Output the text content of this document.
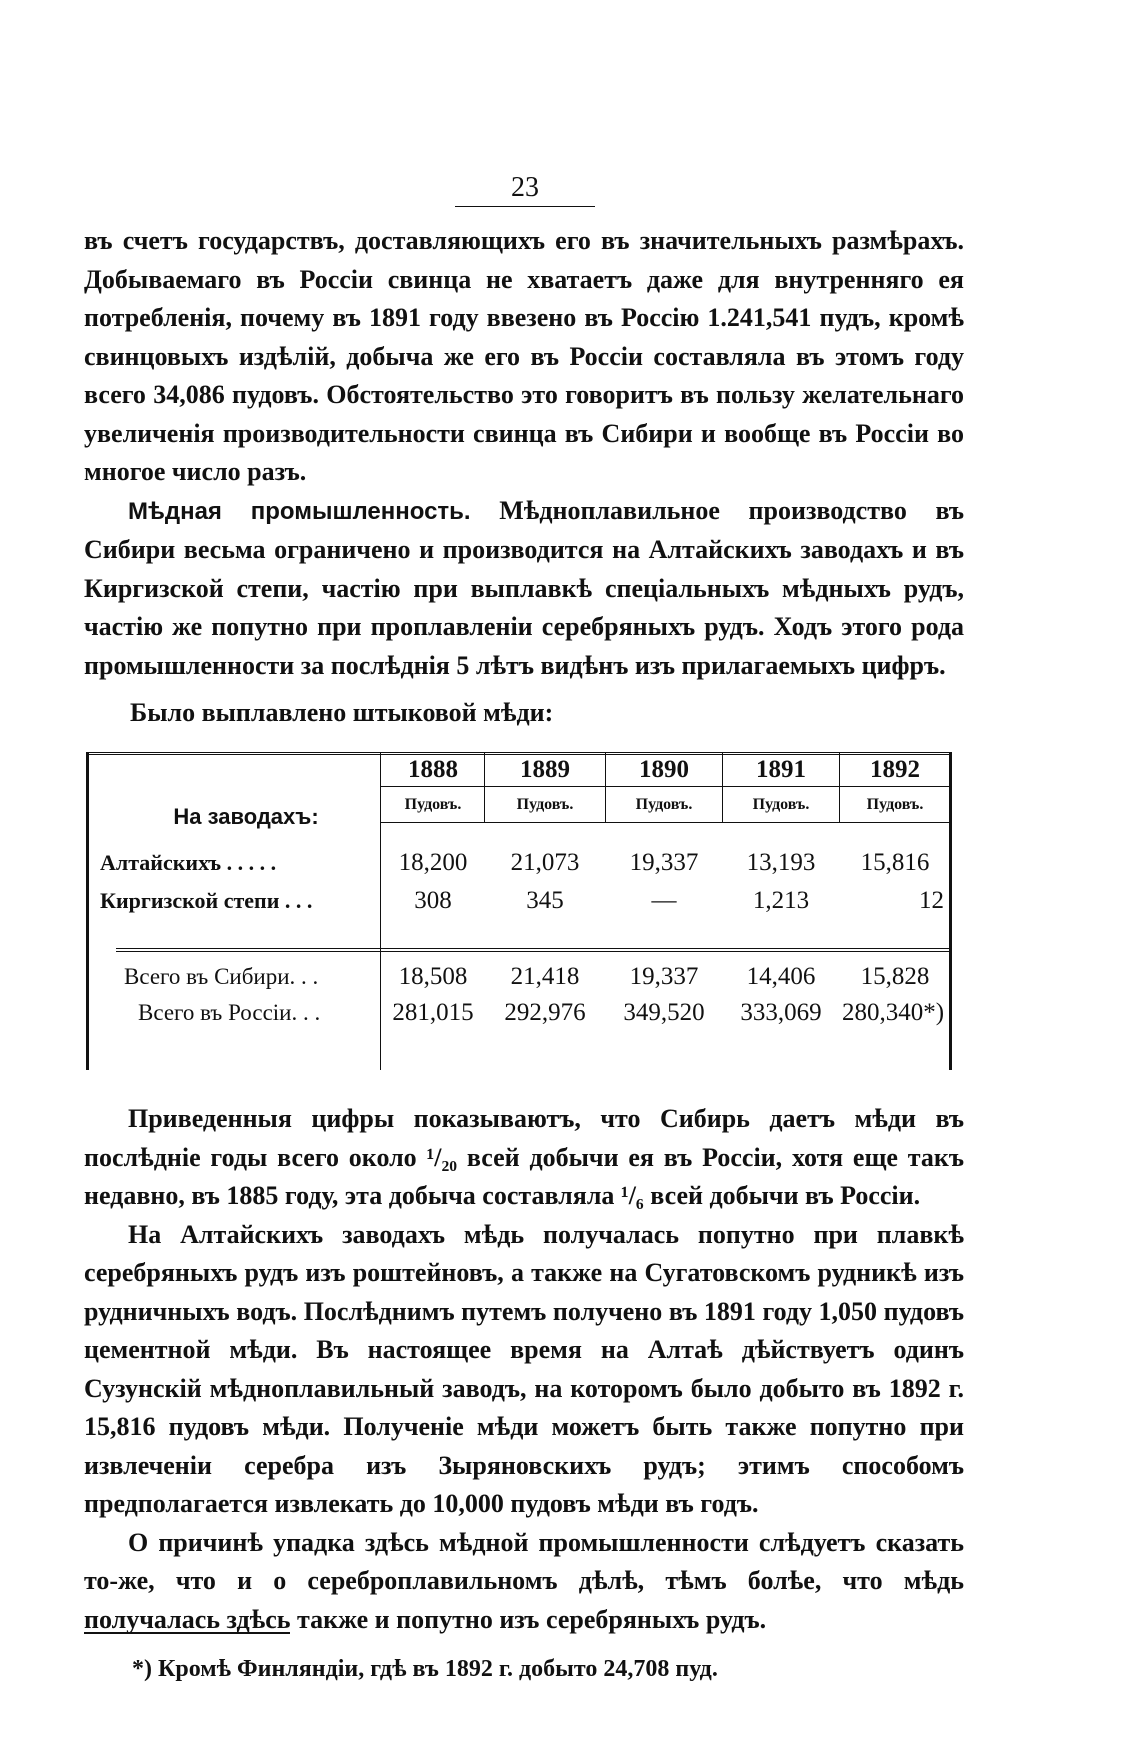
23

въ счетъ государствъ, доставляющихъ его въ значительныхъ размѣрахъ. Добываемаго въ Россіи свинца не хватаетъ даже для внутренняго ея потребленія, почему въ 1891 году ввезено въ Россію 1.241,541 пудъ, кромѣ свинцовыхъ издѣлій, добыча же его въ Россіи составляла въ этомъ году всего 34,086 пудовъ. Обстоятельство это говоритъ въ пользу желательнаго увеличенія производительности свинца въ Сибири и вообще въ Россіи во многое число разъ.

Мѣдная промышленность. Мѣдноплавильное производство въ Сибири весьма ограничено и производится на Алтайскихъ заводахъ и въ Киргизской степи, частію при выплавкѣ спеціальныхъ мѣдныхъ рудъ, частію же попутно при проплавленіи серебряныхъ рудъ. Ходъ этого рода промышленности за послѣднія 5 лѣтъ видѣнъ изъ прилагаемыхъ цифръ.

Было выплавлено штыковой мѣди:
На заводахъ:
1888	1889	1890	1891	1892
Пудовъ.	Пудовъ.	Пудовъ.	Пудовъ.	Пудовъ.
Алтайскихъ . . . . .	18,200	21,073	19,337	13,193	15,816
Киргизской степи . . .	308	345	—	1,213	12
Всего въ Сибири. . .	18,508	21,418	19,337	14,406	15,828
Всего въ Россіи. . .	281,015	292,976	349,520	333,069 280,340*)

Приведенныя цифры показываютъ, что Сибирь даетъ мѣди въ послѣдніе годы всего около ¹/₂₀ всей добычи ея въ Россіи, хотя еще такъ недавно, въ 1885 году, эта добыча составляла ¹/₆ всей добычи въ Россіи.

На Алтайскихъ заводахъ мѣдь получалась попутно при плавкѣ серебряныхъ рудъ изъ роштейновъ, а также на Сугатовскомъ рудникѣ изъ рудничныхъ водъ. Послѣднимъ путемъ получено въ 1891 году 1,050 пудовъ цементной мѣди. Въ настоящее время на Алтаѣ дѣйствуетъ одинъ Сузунскій мѣдноплавильный заводъ, на которомъ было добыто въ 1892 г. 15,816 пудовъ мѣди. Полученіе мѣди можетъ быть также попутно при извлеченіи серебра изъ Зыряновскихъ рудъ; этимъ способомъ предполагается извлекать до 10,000 пудовъ мѣди въ годъ.

О причинѣ упадка здѣсь мѣдной промышленности слѣдуетъ сказать то-же, что и о сереброплавильномъ дѣлѣ, тѣмъ болѣе, что мѣдь получалась здѣсь также и попутно изъ серебряныхъ рудъ.

*) Кромѣ Финляндіи, гдѣ въ 1892 г. добыто 24,708 пуд.
